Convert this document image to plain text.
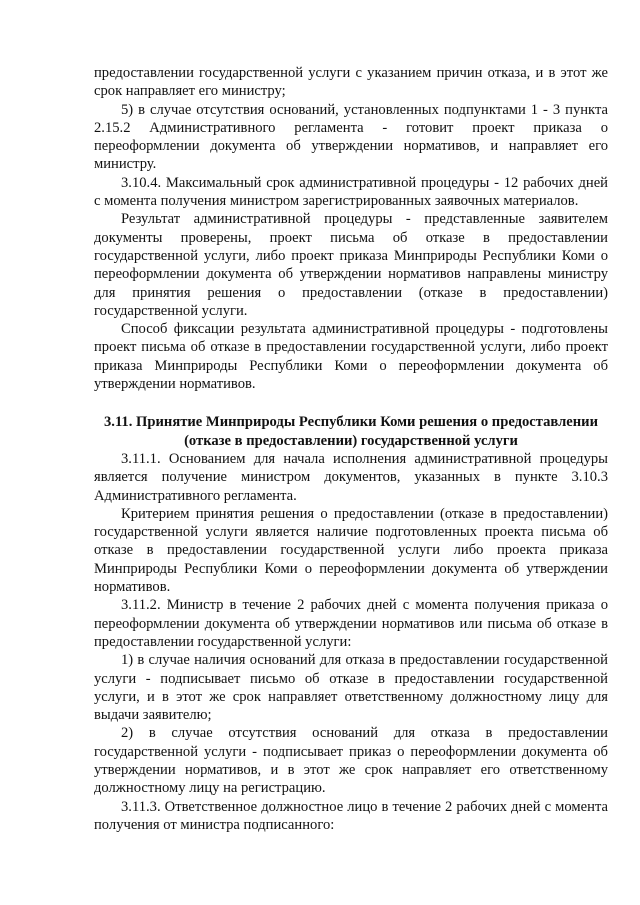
предоставлении государственной услуги с указанием причин отказа, и в этот же срок направляет его министру;

5) в случае отсутствия оснований, установленных подпунктами 1 - 3 пункта 2.15.2 Административного регламента - готовит проект приказа о переоформлении документа об утверждении нормативов, и направляет его министру.

3.10.4. Максимальный срок административной процедуры - 12 рабочих дней с момента получения министром зарегистрированных заявочных материалов.

Результат административной процедуры - представленные заявителем документы проверены, проект письма об отказе в предоставлении государственной услуги, либо проект приказа Минприроды Республики Коми о переоформлении документа об утверждении нормативов направлены министру для принятия решения о предоставлении (отказе в предоставлении) государственной услуги.

Способ фиксации результата административной процедуры - подготовлены проект письма об отказе в предоставлении государственной услуги, либо проект приказа Минприроды Республики Коми о переоформлении документа об утверждении нормативов.

3.11. Принятие Минприроды Республики Коми решения о предоставлении (отказе в предоставлении) государственной услуги

3.11.1. Основанием для начала исполнения административной процедуры является получение министром документов, указанных в пункте 3.10.3 Административного регламента.

Критерием принятия решения о предоставлении (отказе в предоставлении) государственной услуги является наличие подготовленных проекта письма об отказе в предоставлении государственной услуги либо проекта приказа Минприроды Республики Коми о переоформлении документа об утверждении нормативов.

3.11.2. Министр в течение 2 рабочих дней с момента получения приказа о переоформлении документа об утверждении нормативов или письма об отказе в предоставлении государственной услуги:

1) в случае наличия оснований для отказа в предоставлении государственной услуги - подписывает письмо об отказе в предоставлении государственной услуги, и в этот же срок направляет ответственному должностному лицу для выдачи заявителю;

2) в случае отсутствия оснований для отказа в предоставлении государственной услуги - подписывает приказ о переоформлении документа об утверждении нормативов, и в этот же срок направляет его ответственному должностному лицу на регистрацию.

3.11.3. Ответственное должностное лицо в течение 2 рабочих дней с момента получения от министра подписанного:
